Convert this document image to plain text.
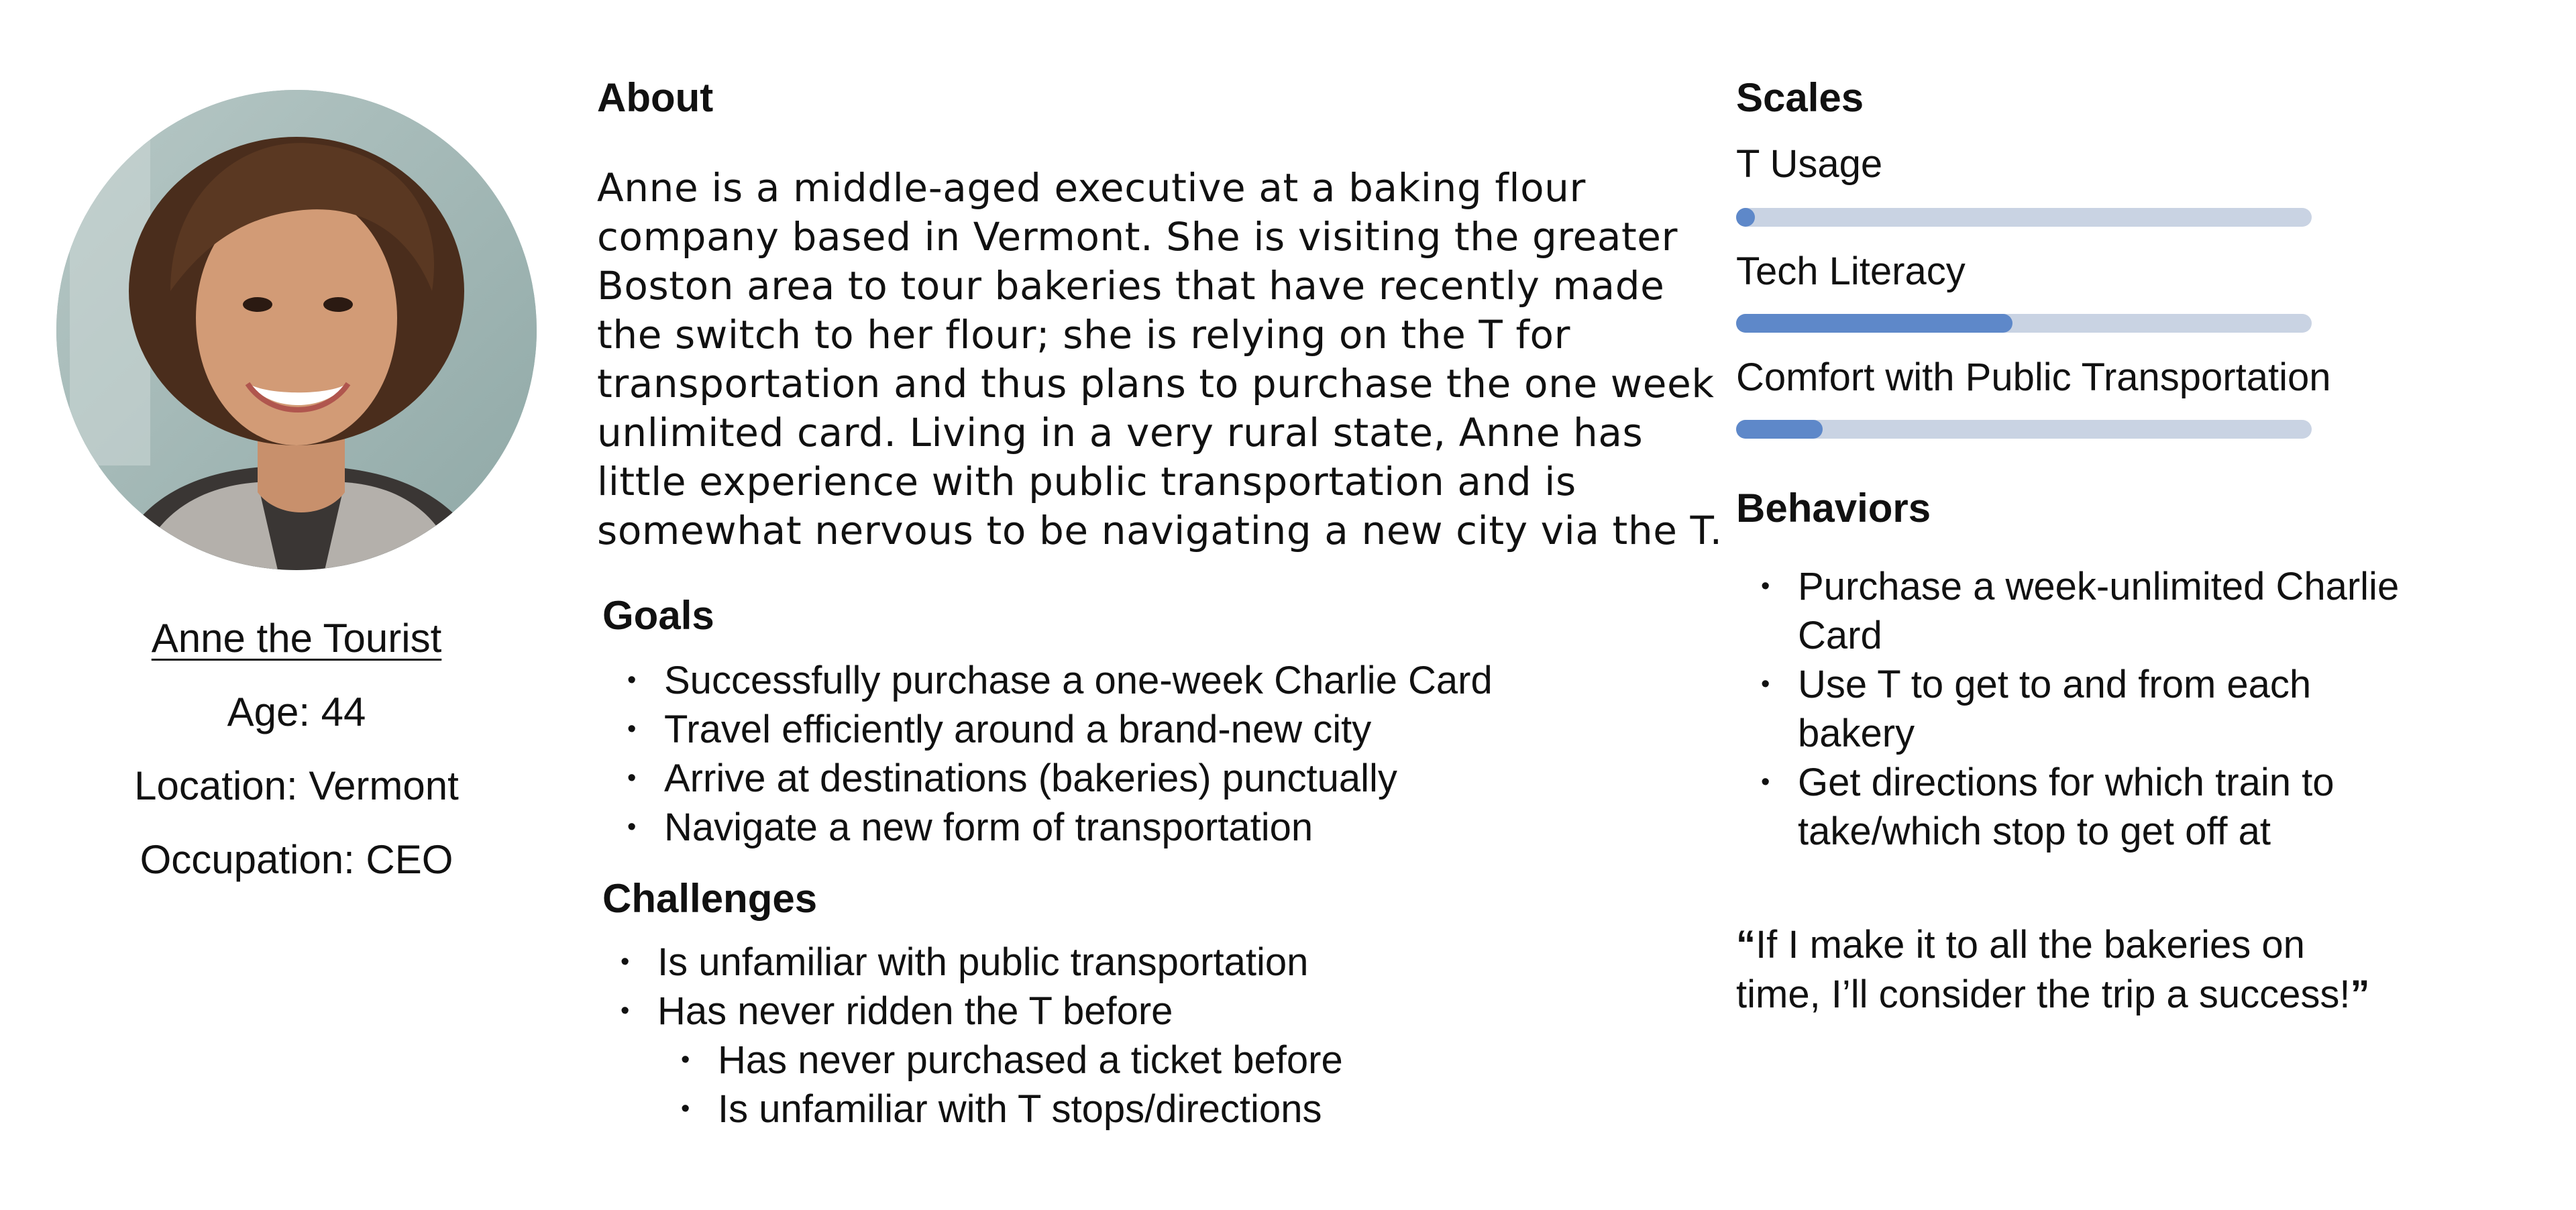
Anne the Tourist
Age: 44
Location: Vermont
Occupation: CEO
About
Anne is a middle-aged executive at a baking flour
company based in Vermont. She is visiting the greater
Boston area to tour bakeries that have recently made
the switch to her flour; she is relying on the T for
transportation and thus plans to purchase the one week
unlimited card. Living in a very rural state, Anne has
little experience with public transportation and is
somewhat nervous to be navigating a new city via the T.
Goals
• Successfully purchase a one-week Charlie Card
• Travel efficiently around a brand-new city
• Arrive at destinations (bakeries) punctually
• Navigate a new form of transportation
Challenges
• Is unfamiliar with public transportation
• Has never ridden the T before
• Has never purchased a ticket before
• Is unfamiliar with T stops/directions
Scales
T Usage
Tech Literacy
Comfort with Public Transportation
Behaviors
• Purchase a week-unlimited Charlie
Card
• Use T to get to and from each
bakery
• Get directions for which train to
take/which stop to get off at
“If I make it to all the bakeries on
time, I’ll consider the trip a success!”
